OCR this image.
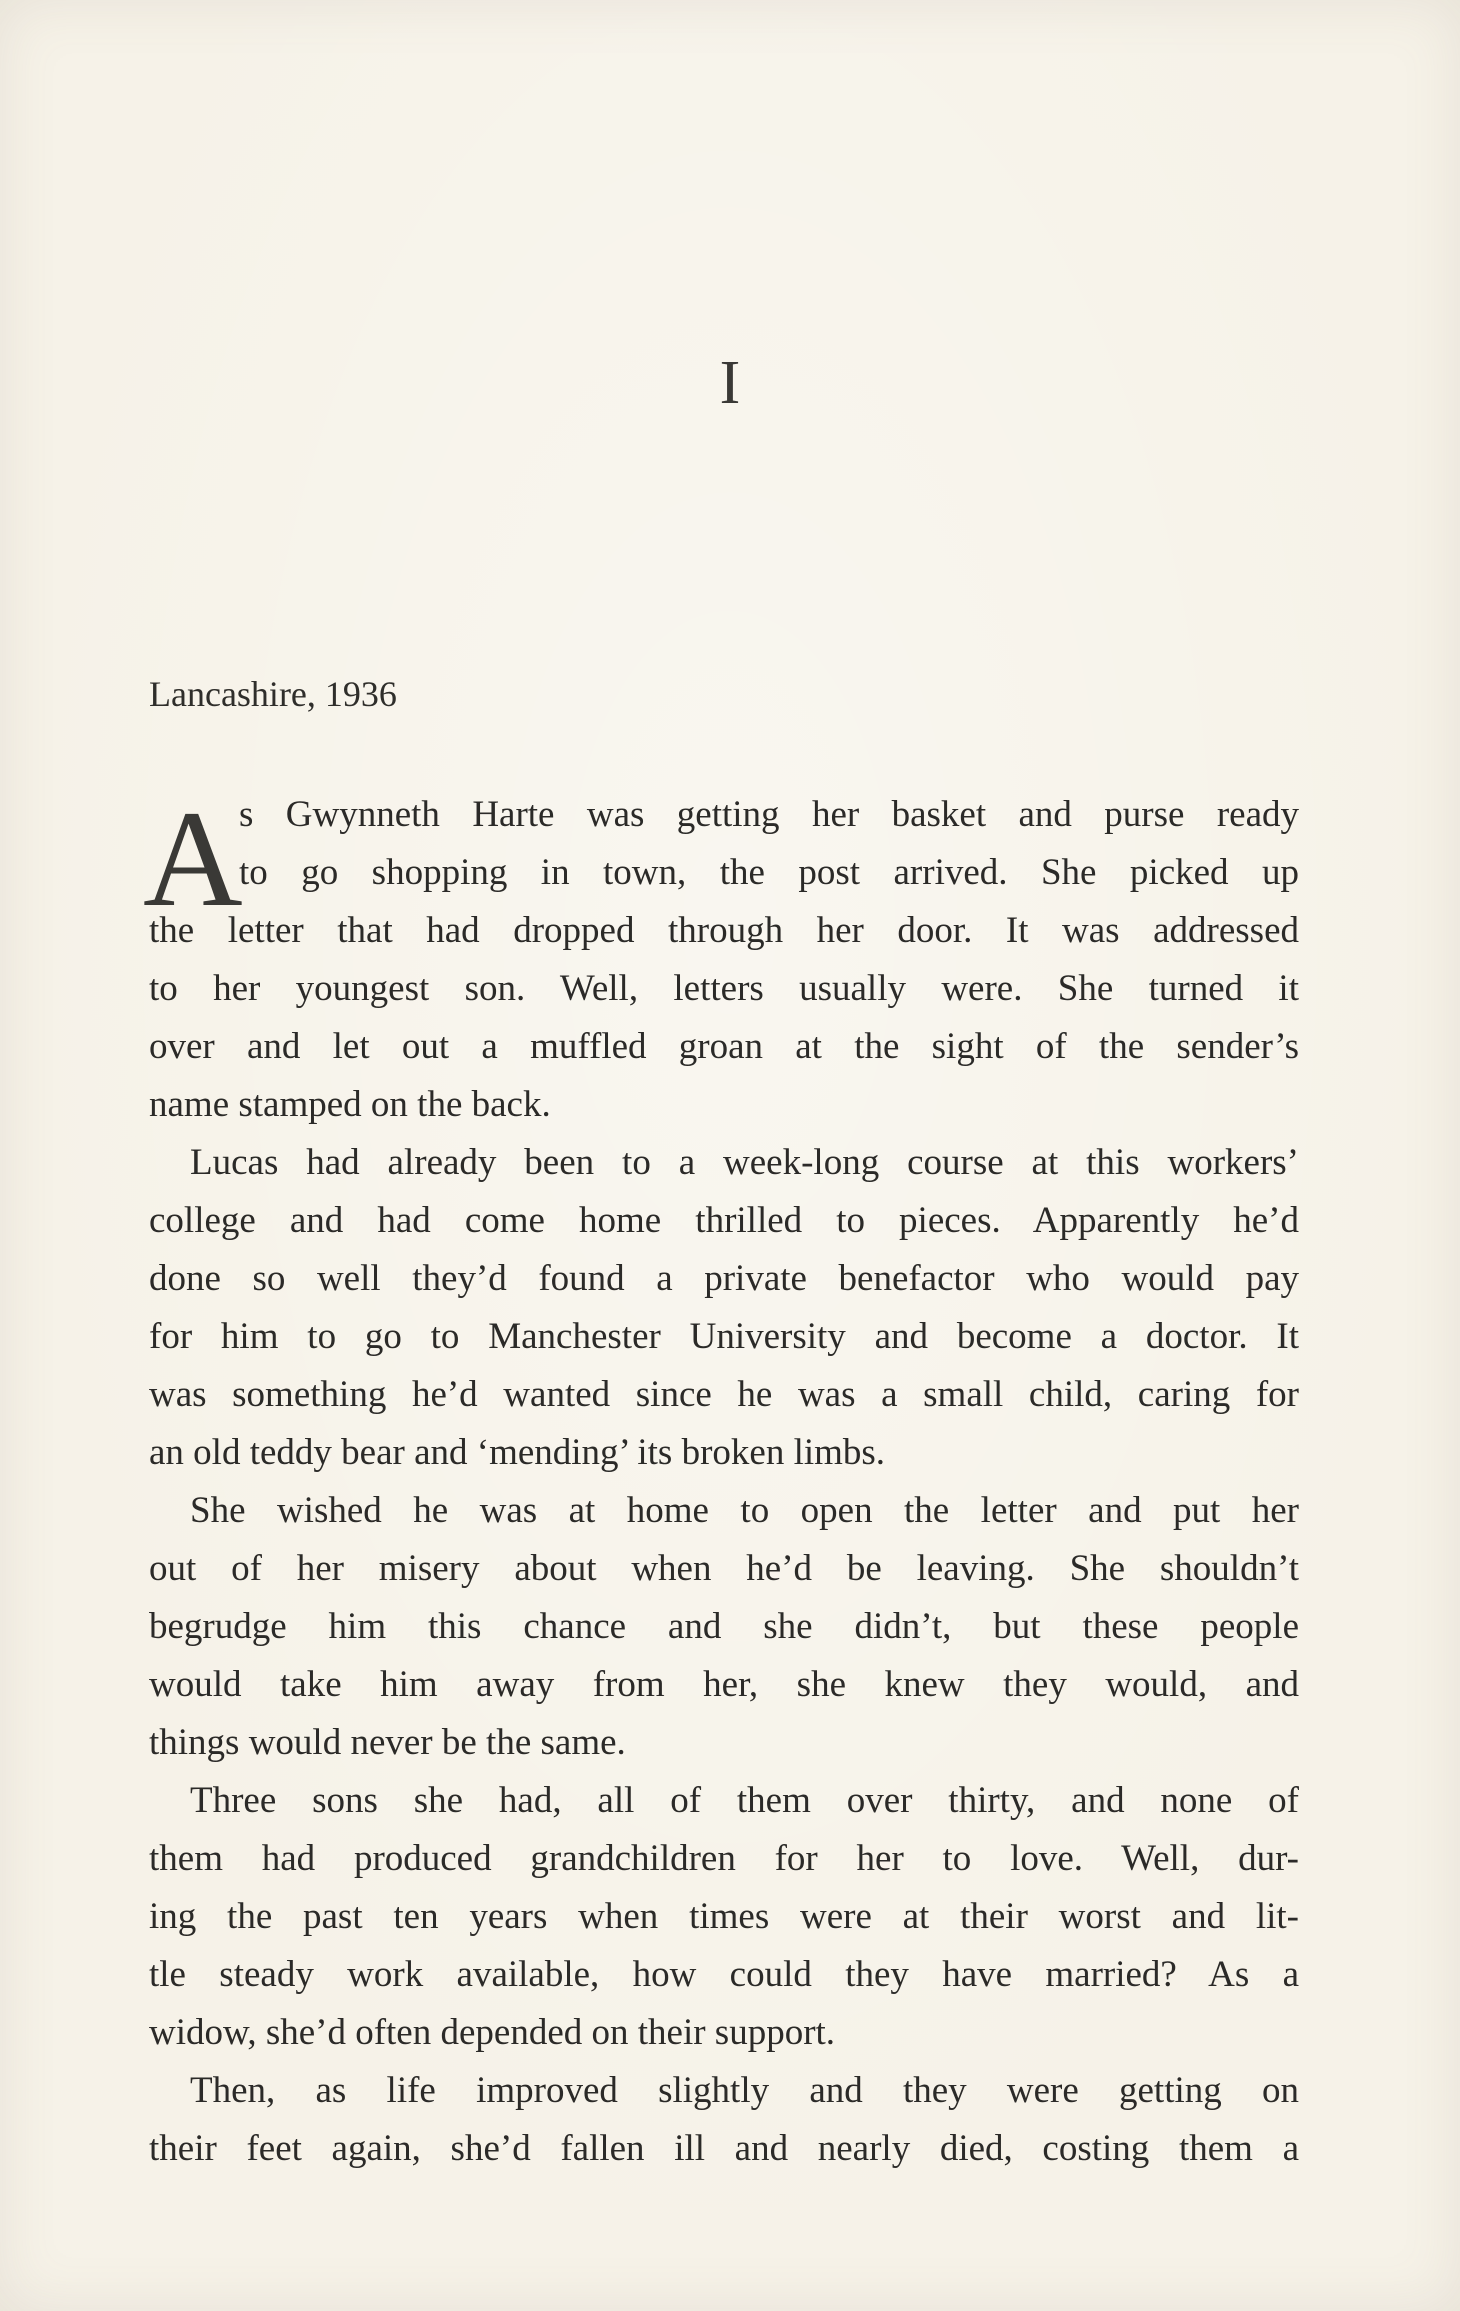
I
Lancashire, 1936
A
s Gwynneth Harte was getting her basket and purse ready
to go shopping in town, the post arrived. She picked up
the letter that had dropped through her door. It was addressed
to her youngest son. Well, letters usually were. She turned it
over and let out a muffled groan at the sight of the sender’s
name stamped on the back.
Lucas had already been to a week-long course at this workers’
college and had come home thrilled to pieces. Apparently he’d
done so well they’d found a private benefactor who would pay
for him to go to Manchester University and become a doctor. It
was something he’d wanted since he was a small child, caring for
an old teddy bear and ‘mending’ its broken limbs.
She wished he was at home to open the letter and put her
out of her misery about when he’d be leaving. She shouldn’t
begrudge him this chance and she didn’t, but these people
would take him away from her, she knew they would, and
things would never be the same.
Three sons she had, all of them over thirty, and none of
them had produced grandchildren for her to love. Well, dur-
ing the past ten years when times were at their worst and lit-
tle steady work available, how could they have married? As a
widow, she’d often depended on their support.
Then, as life improved slightly and they were getting on
their feet again, she’d fallen ill and nearly died, costing them a
